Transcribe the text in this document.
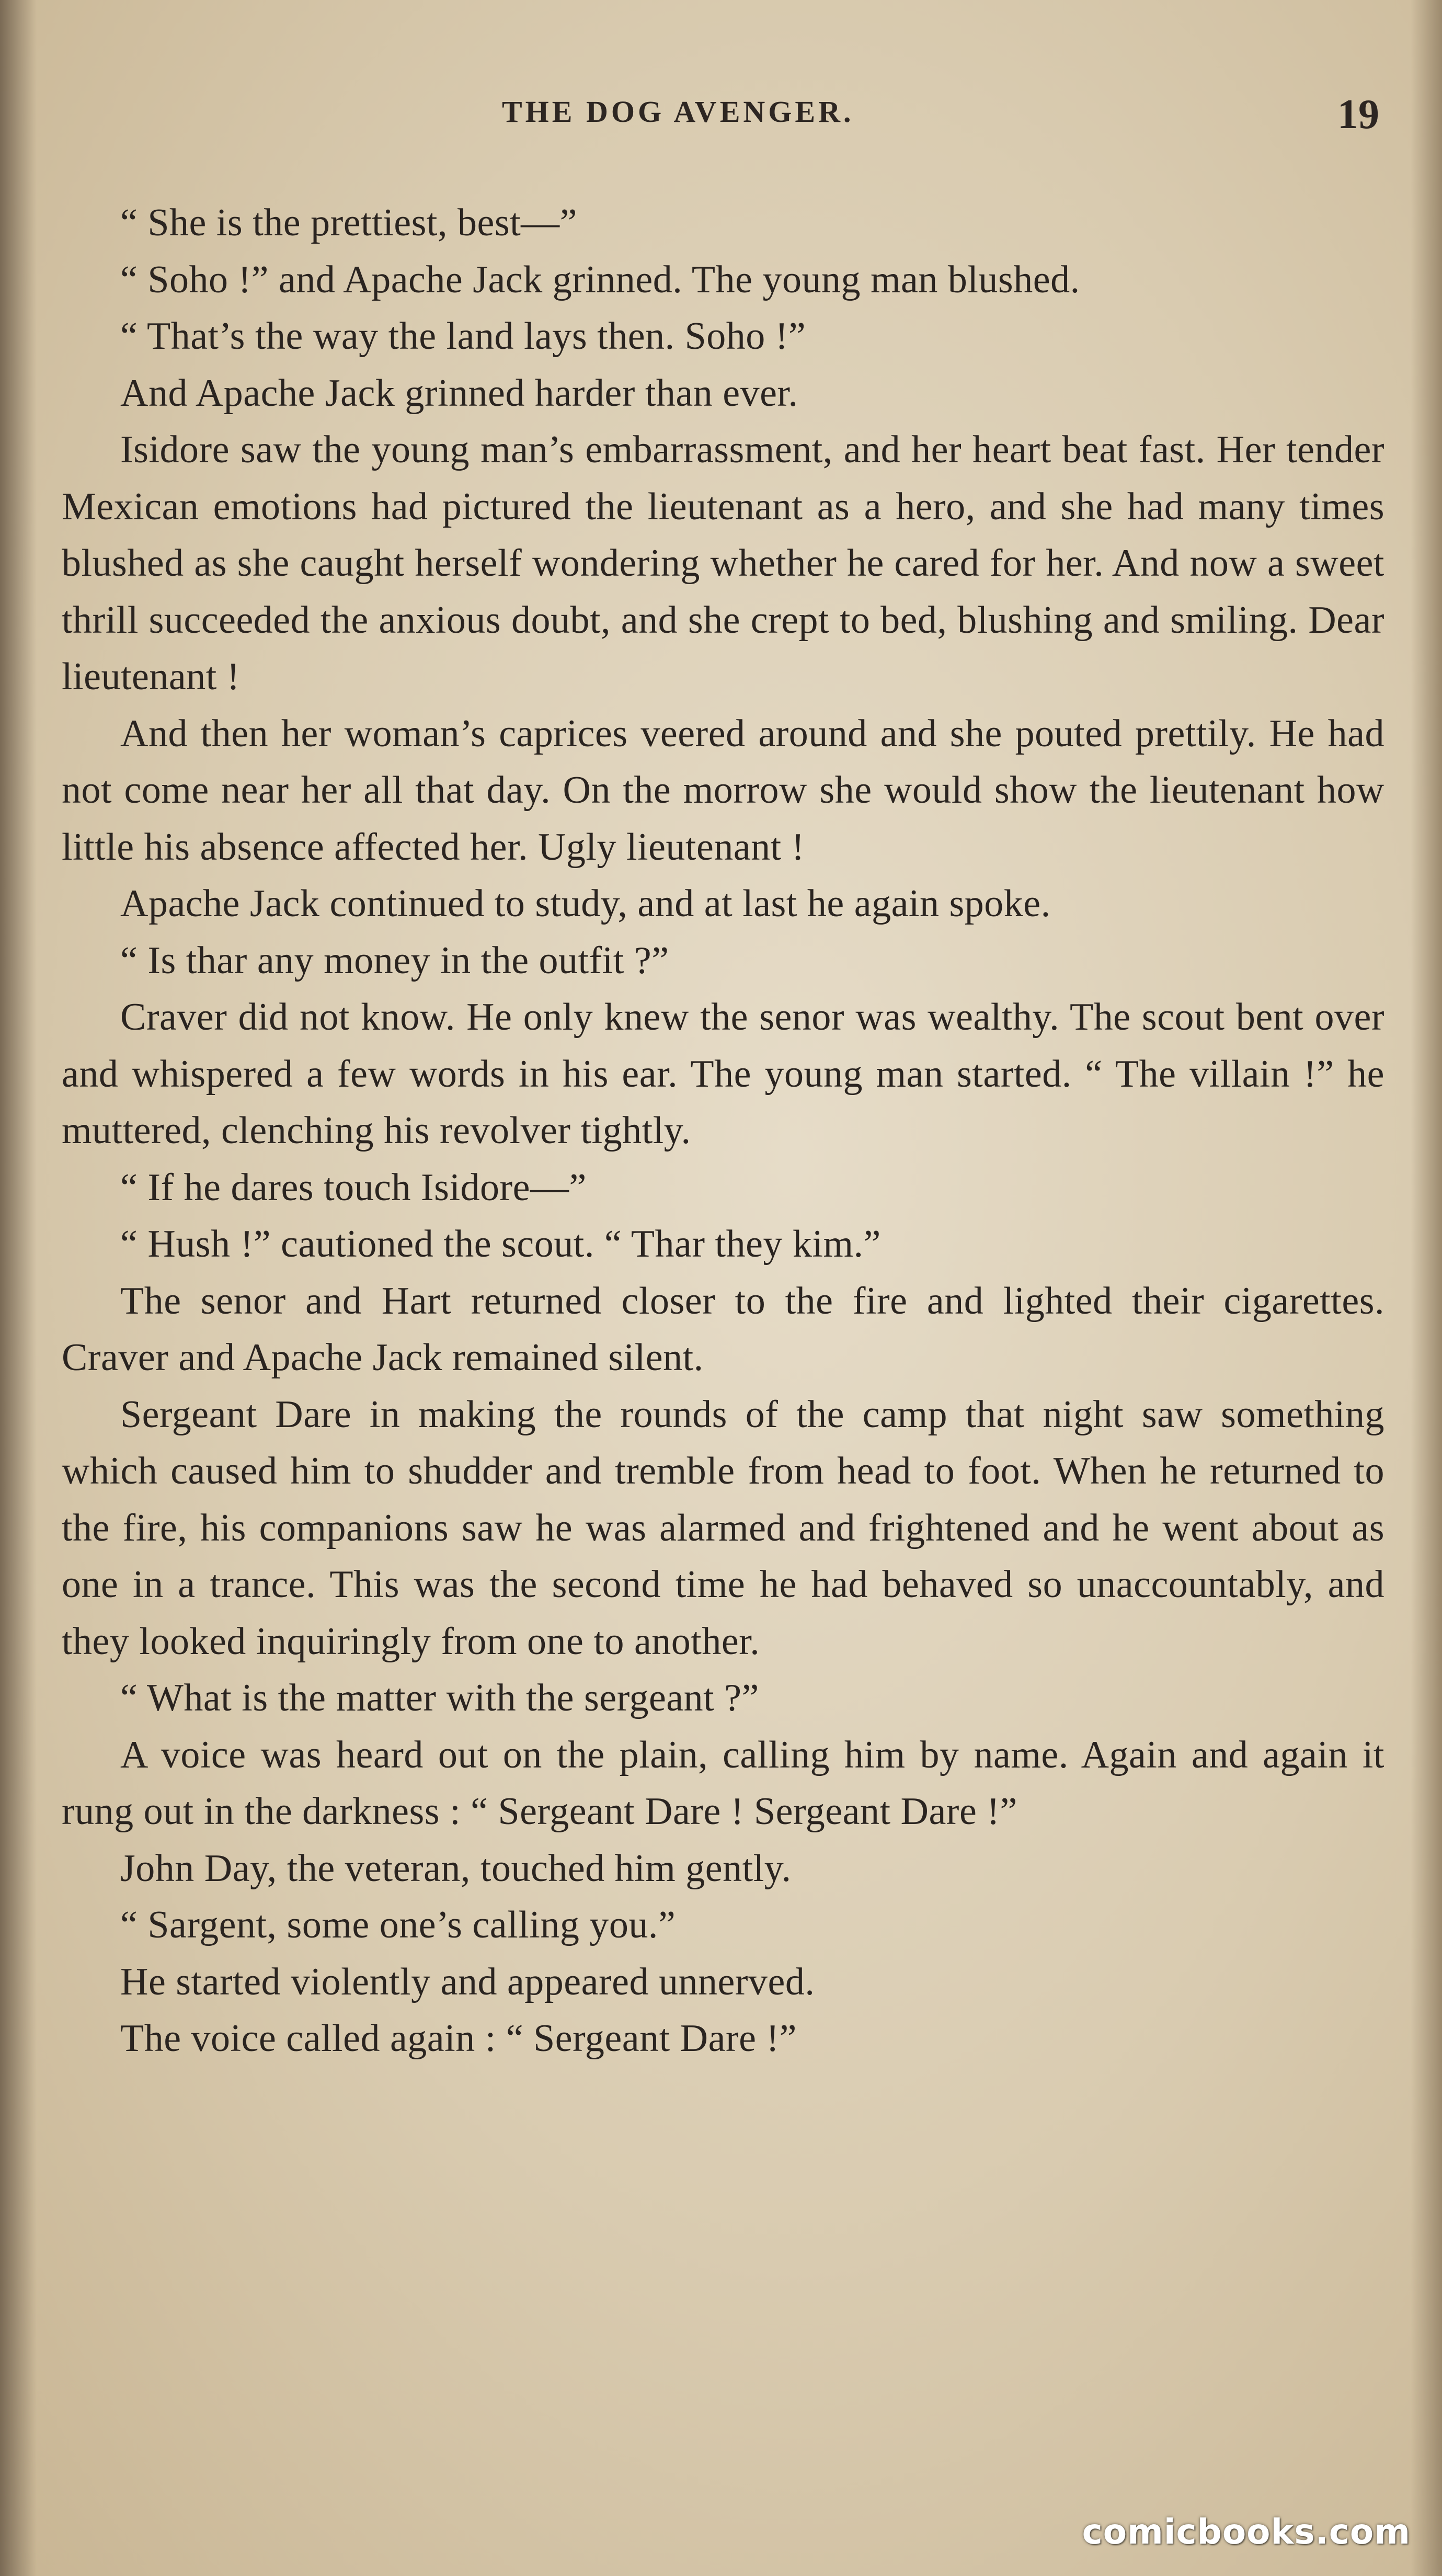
THE DOG AVENGER.	19

“ She is the prettiest, best—”

“ Soho !” and Apache Jack grinned. The young man blushed.

“ That’s the way the land lays then. Soho !”

And Apache Jack grinned harder than ever.

Isidore saw the young man’s embarrassment, and her heart beat fast. Her tender Mexican emotions had pictured the lieutenant as a hero, and she had many times blushed as she caught herself wondering whether he cared for her. And now a sweet thrill succeeded the anxious doubt, and she crept to bed, blushing and smiling. Dear lieutenant !

And then her woman’s caprices veered around and she pouted prettily. He had not come near her all that day. On the morrow she would show the lieutenant how little his absence affected her. Ugly lieutenant !

Apache Jack continued to study, and at last he again spoke.

“ Is thar any money in the outfit ?”

Craver did not know. He only knew the senor was wealthy. The scout bent over and whispered a few words in his ear. The young man started. “ The villain !” he muttered, clenching his revolver tightly.

“ If he dares touch Isidore—”

“ Hush !” cautioned the scout. “ Thar they kim.”

The senor and Hart returned closer to the fire and lighted their cigarettes. Craver and Apache Jack remained silent.

Sergeant Dare in making the rounds of the camp that night saw something which caused him to shudder and tremble from head to foot. When he returned to the fire, his companions saw he was alarmed and frightened and he went about as one in a trance. This was the second time he had behaved so unaccountably, and they looked inquiringly from one to another.

“ What is the matter with the sergeant ?”

A voice was heard out on the plain, calling him by name. Again and again it rung out in the darkness : “ Sergeant Dare ! Sergeant Dare !”

John Day, the veteran, touched him gently.

“ Sargent, some one’s calling you.”

He started violently and appeared unnerved.

The voice called again : “ Sergeant Dare !”

comicbooks.com
